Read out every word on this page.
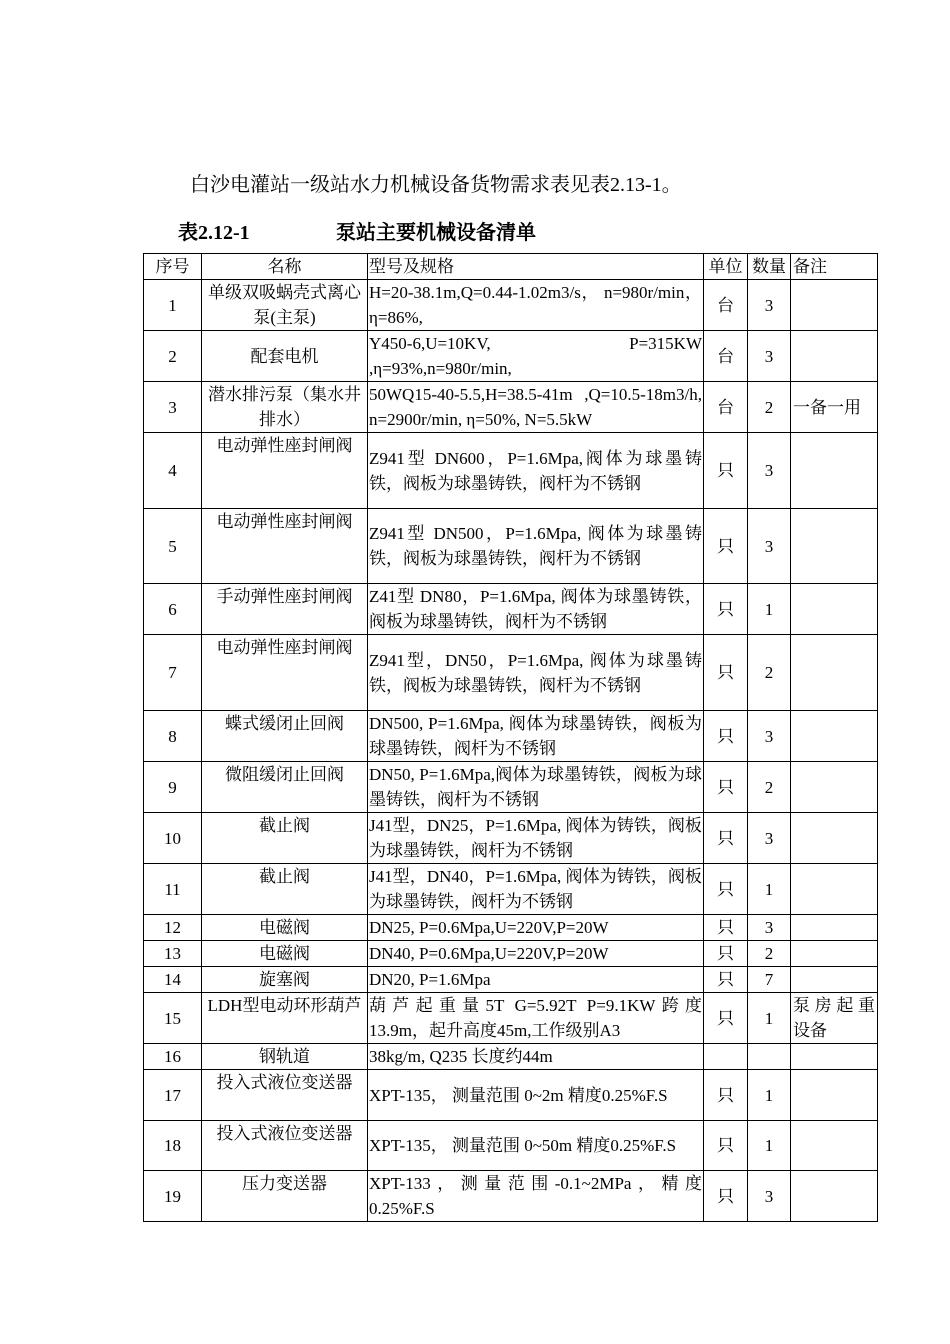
白沙电灌站一级站水力机械设备货物需求表见表2.13-1。
表2.12-1	泵站主要机械设备清单
序号	名称	型号及规格	单位	数量	备注
1	单级双吸蜗壳式离心泵(主泵)	H=20-38.1m,Q=0.44-1.02m3/s， n=980r/min，η=86%,	台	3	
2	配套电机	Y450-6,U=10KV, P=315KW ,η=93%,n=980r/min,	台	3	
3	潜水排污泵（集水井排水）	50WQ15-40-5.5,H=38.5-41m ,Q=10.5-18m3/h, n=2900r/min, η=50%, N=5.5kW	台	2	一备一用
4	电动弹性座封闸阀	Z941型 DN600，P=1.6Mpa,阀体为球墨铸铁，阀板为球墨铸铁，阀杆为不锈钢	只	3	
5	电动弹性座封闸阀	Z941型 DN500，P=1.6Mpa, 阀体为球墨铸铁，阀板为球墨铸铁，阀杆为不锈钢	只	3	
6	手动弹性座封闸阀	Z41型 DN80，P=1.6Mpa, 阀体为球墨铸铁，阀板为球墨铸铁，阀杆为不锈钢	只	1	
7	电动弹性座封闸阀	Z941型，DN50，P=1.6Mpa, 阀体为球墨铸铁，阀板为球墨铸铁，阀杆为不锈钢	只	2	
8	蝶式缓闭止回阀	DN500, P=1.6Mpa, 阀体为球墨铸铁，阀板为球墨铸铁，阀杆为不锈钢	只	3	
9	微阻缓闭止回阀	DN50, P=1.6Mpa,阀体为球墨铸铁，阀板为球墨铸铁，阀杆为不锈钢	只	2	
10	截止阀	J41型，DN25，P=1.6Mpa, 阀体为铸铁，阀板为球墨铸铁，阀杆为不锈钢	只	3	
11	截止阀	J41型，DN40，P=1.6Mpa, 阀体为铸铁，阀板为球墨铸铁，阀杆为不锈钢	只	1	
12	电磁阀	DN25, P=0.6Mpa,U=220V,P=20W	只	3	
13	电磁阀	DN40, P=0.6Mpa,U=220V,P=20W	只	2	
14	旋塞阀	DN20, P=1.6Mpa	只	7	
15	LDH型电动环形葫芦	葫芦起重量5T G=5.92T P=9.1KW跨度13.9m，起升高度45m,工作级别A3	只	1	泵房起重设备
16	钢轨道	38kg/m, Q235 长度约44m			
17	投入式液位变送器	XPT-135， 测量范围 0~2m 精度0.25%F.S	只	1	
18	投入式液位变送器	XPT-135， 测量范围 0~50m 精度0.25%F.S	只	1	
19	压力变送器	XPT-133，测量范围-0.1~2MPa，精度0.25%F.S	只	3	
